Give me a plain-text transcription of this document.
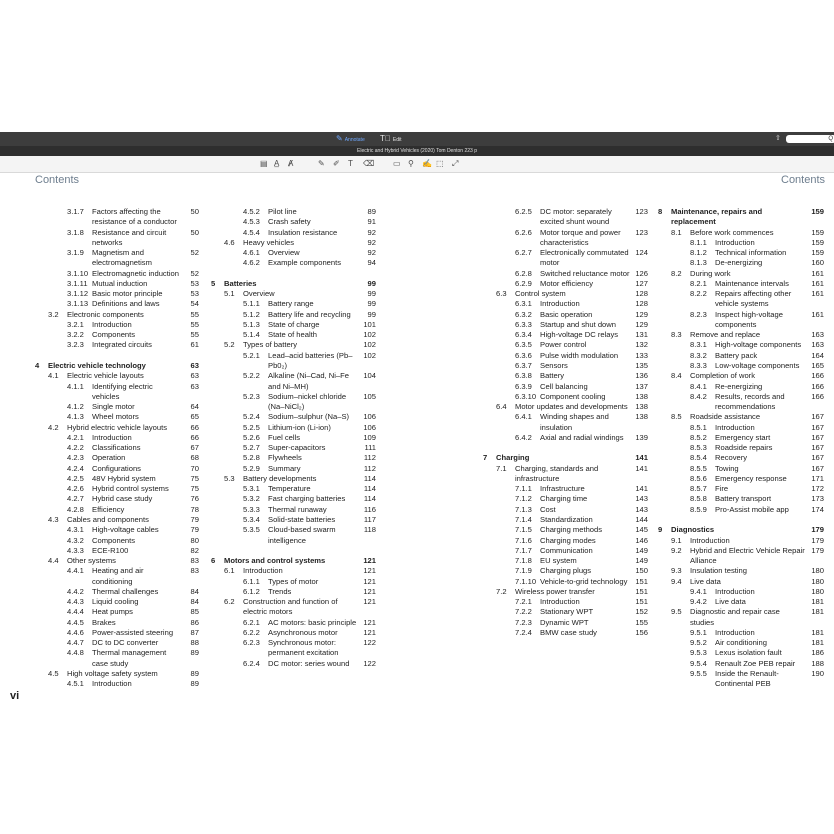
✎ Annotate T⃒ Edit	⇧	Q
Electric and Hybrid Vehicles (2020) Tom Denton 223 p
▤ A̲ Ⱥ	✎ ✐ T ⌫ ▭ ⚲ ✍ ⬚ ⤢
Contents	Contents
vi
3.1.7	Factors affecting the resistance of a conductor
50
3.1.8	Resistance and circuit networks
50
3.1.9	Magnetism and electromagnetism
52
3.1.10 Electromagnetic induction 52
3.1.11 Mutual induction	53
3.1.12 Basic motor principle	53
3.1.13 Definitions and laws	54
3.2	Electronic components	55
3.2.1	Introduction	55
3.2.2	Components	55
3.2.3	Integrated circuits	61
4	Electric vehicle technology	63
4.1	Electric vehicle layouts	63
4.1.1	Identifying electric vehicles
63
4.1.2	Single motor	64
4.1.3	Wheel motors	65
4.2	Hybrid electric vehicle layouts	66
4.2.1	Introduction	66
4.2.2	Classifications	67
4.2.3	Operation	68
4.2.4	Configurations	70
4.2.5	48V Hybrid system	75
4.2.6	Hybrid control systems	75
4.2.7	Hybrid case study	76
4.2.8	Efficiency	78
4.3	Cables and components	79
4.3.1	High-voltage cables	79
4.3.2	Components	80
4.3.3	ECE-R100	82
4.4	Other systems	83
4.4.1	Heating and air conditioning
83
4.4.2	Thermal challenges	84
4.4.3	Liquid cooling	84
4.4.4	Heat pumps	85
4.4.5	Brakes	86
4.4.6	Power-assisted steering	87
4.4.7	DC to DC converter	88
4.4.8	Thermal management case study
89
4.5	High voltage safety system	89
4.5.1	Introduction	89
4.5.2	Pilot line	89
4.5.3	Crash safety	91
4.5.4	Insulation resistance	92
4.6	Heavy vehicles	92
4.6.1	Overview	92
4.6.2	Example components	94
5	Batteries	99
5.1	Overview	99
5.1.1	Battery range	99
5.1.2	Battery life and recycling	99
5.1.3	State of charge	101
5.1.4	State of health	102
5.2	Types of battery	102
5.2.1	Lead–acid batteries (Pb–Pb0₂)
102
5.2.2	Alkaline (Ni–Cad, Ni–Fe and Ni–MH)
104
5.2.3	Sodium–nickel chloride (Na–NiCl₂)
105
5.2.4	Sodium–sulphur (Na–S)	106
5.2.5	Lithium-ion (Li-ion)	106
5.2.6	Fuel cells	109
5.2.7	Super-capacitors	111
5.2.8	Flywheels	112
5.2.9	Summary	112
5.3	Battery developments	114
5.3.1	Temperature	114
5.3.2	Fast charging batteries	114
5.3.3	Thermal runaway	116
5.3.4	Solid-state batteries	117
5.3.5	Cloud-based swarm intelligence
118
6	Motors and control systems	121
6.1	Introduction	121
6.1.1	Types of motor	121
6.1.2	Trends	121
6.2	Construction and function of electric motors
121
6.2.1	AC motors: basic principle 121
6.2.2	Asynchronous motor	121
6.2.3	Synchronous motor: permanent excitation
122
6.2.4	DC motor: series wound	122
6.2.5	DC motor: separately excited shunt wound
123
6.2.6	Motor torque and power characteristics
123
6.2.7	Electronically commutated motor
124
6.2.8	Switched reluctance motor 126
6.2.9	Motor efficiency	127
6.3	Control system	128
6.3.1	Introduction	128
6.3.2	Basic operation	129
6.3.3	Startup and shut down	129
6.3.4	High-voltage DC relays	131
6.3.5	Power control	132
6.3.6	Pulse width modulation	133
6.3.7	Sensors	135
6.3.8	Battery	136
6.3.9	Cell balancing	137
6.3.10 Component cooling	138
6.4	Motor updates and developments	138
6.4.1	Winding shapes and insulation
138
6.4.2	Axial and radial windings	139
7	Charging	141
7.1	Charging, standards and infrastructure
141
7.1.1	Infrastructure	141
7.1.2	Charging time	143
7.1.3	Cost	143
7.1.4	Standardization	144
7.1.5	Charging methods	145
7.1.6	Charging modes	146
7.1.7	Communication	149
7.1.8	EU system	149
7.1.9	Charging plugs	150
7.1.10 Vehicle-to-grid technology	151
7.2	Wireless power transfer	151
7.2.1	Introduction	151
7.2.2	Stationary WPT	152
7.2.3	Dynamic WPT	155
7.2.4	BMW case study	156
8	Maintenance, repairs and replacement
159
8.1	Before work commences	159
8.1.1	Introduction	159
8.1.2	Technical information	159
8.1.3	De-energizing	160
8.2	During work	161
8.2.1	Maintenance intervals	161
8.2.2	Repairs affecting other vehicle systems
161
8.2.3	Inspect high-voltage components
161
8.3	Remove and replace	163
8.3.1	High-voltage components	163
8.3.2	Battery pack	164
8.3.3	Low-voltage components	165
8.4	Completion of work	166
8.4.1	Re-energizing	166
8.4.2	Results, records and recommendations
166
8.5	Roadside assistance	167
8.5.1	Introduction	167
8.5.2	Emergency start	167
8.5.3	Roadside repairs	167
8.5.4	Recovery	167
8.5.5	Towing	167
8.5.6	Emergency response	171
8.5.7	Fire	172
8.5.8	Battery transport	173
8.5.9	Pro-Assist mobile app	174
9	Diagnostics	179
9.1	Introduction	179
9.2	Hybrid and Electric Vehicle Repair Alliance
179
9.3	Insulation testing	180
9.4	Live data	180
9.4.1	Introduction	180
9.4.2	Live data	181
9.5	Diagnostic and repair case studies
181
9.5.1	Introduction	181
9.5.2	Air conditioning	181
9.5.3	Lexus isolation fault	186
9.5.4	Renault Zoe PEB repair	188
9.5.5	Inside the Renault-Continental PEB
190
